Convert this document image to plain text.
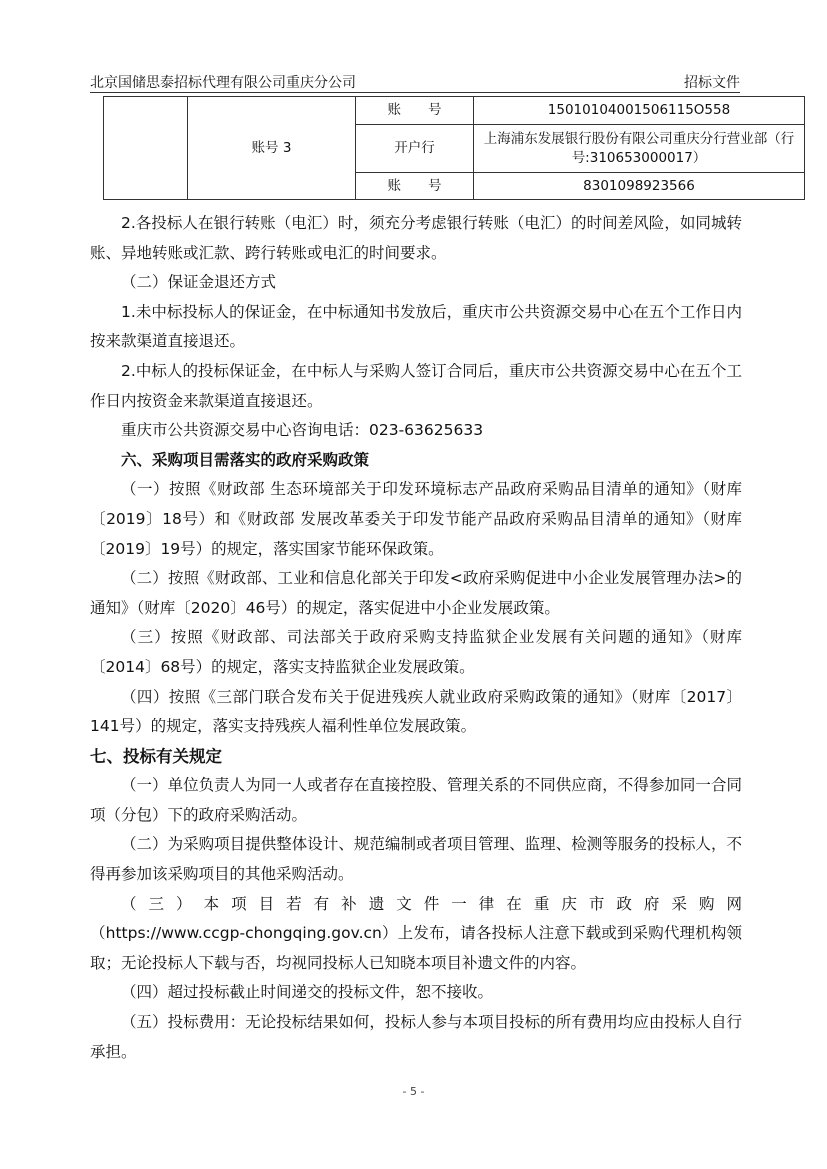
北京国储思泰招标代理有限公司重庆分公司	招标文件
	账号 3	账　　号	15010104001506115O558
		开户行	上海浦东发展银行股份有限公司重庆分行营业部（行号:310653000017）
		账　　号	8301098923566

2.各投标人在银行转账（电汇）时，须充分考虑银行转账（电汇）的时间差风险，如同城转账、异地转账或汇款、跨行转账或电汇的时间要求。

（二）保证金退还方式

1.未中标投标人的保证金，在中标通知书发放后，重庆市公共资源交易中心在五个工作日内按来款渠道直接退还。

2.中标人的投标保证金，在中标人与采购人签订合同后，重庆市公共资源交易中心在五个工作日内按资金来款渠道直接退还。

重庆市公共资源交易中心咨询电话：023-63625633

六、采购项目需落实的政府采购政策

（一）按照《财政部 生态环境部关于印发环境标志产品政府采购品目清单的通知》（财库〔2019〕18号）和《财政部 发展改革委关于印发节能产品政府采购品目清单的通知》（财库〔2019〕19号）的规定，落实国家节能环保政策。

（二）按照《财政部、工业和信息化部关于印发<政府采购促进中小企业发展管理办法>的通知》（财库〔2020〕46号）的规定，落实促进中小企业发展政策。

（三）按照《财政部、司法部关于政府采购支持监狱企业发展有关问题的通知》（财库〔2014〕68号）的规定，落实支持监狱企业发展政策。

（四）按照《三部门联合发布关于促进残疾人就业政府采购政策的通知》（财库〔2017〕141号）的规定，落实支持残疾人福利性单位发展政策。

七、投标有关规定

（一）单位负责人为同一人或者存在直接控股、管理关系的不同供应商，不得参加同一合同项（分包）下的政府采购活动。

（二）为采购项目提供整体设计、规范编制或者项目管理、监理、检测等服务的投标人，不得再参加该采购项目的其他采购活动。

（三）本项目若有补遗文件一律在重庆市政府采购网

（https://www.ccgp-chongqing.gov.cn）上发布，请各投标人注意下载或到采购代理机构领取；无论投标人下载与否，均视同投标人已知晓本项目补遗文件的内容。

（四）超过投标截止时间递交的投标文件，恕不接收。

（五）投标费用：无论投标结果如何，投标人参与本项目投标的所有费用均应由投标人自行承担。

- 5 -
